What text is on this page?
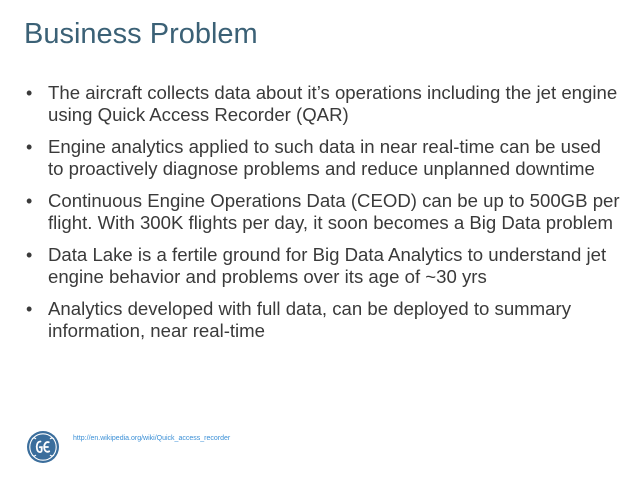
Business Problem
• The aircraft collects data about it’s operations including the jet engine using Quick Access Recorder (QAR)
• Engine analytics applied to such data in near real-time can be used to proactively diagnose problems and reduce unplanned downtime
• Continuous Engine Operations Data (CEOD) can be up to 500GB per flight. With 300K flights per day, it soon becomes a Big Data problem
• Data Lake is a fertile ground for Big Data Analytics to understand jet engine behavior and problems over its age of ~30 yrs
• Analytics developed with full data, can be deployed to summary information, near real-time
http://en.wikipedia.org/wiki/Quick_access_recorder
